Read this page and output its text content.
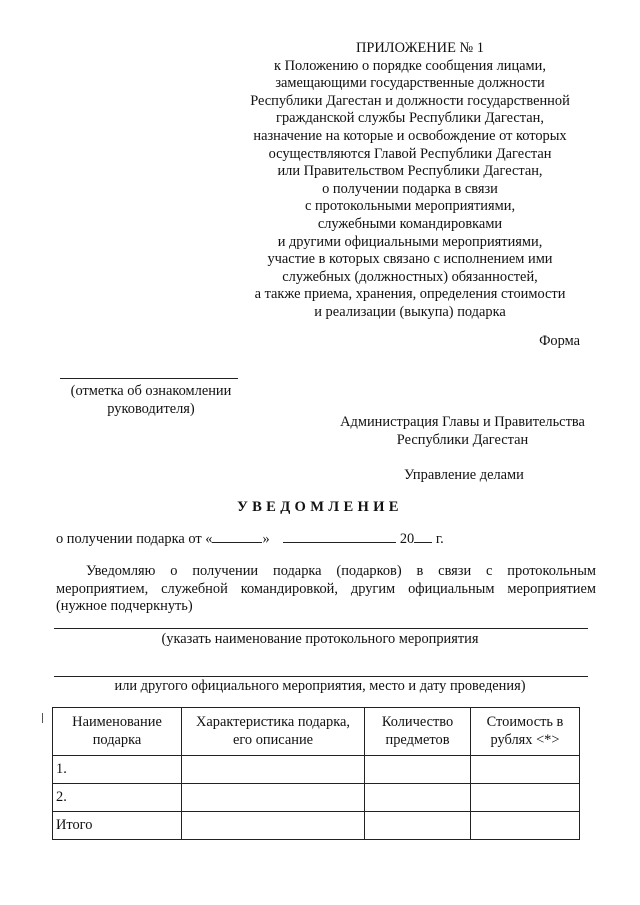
ПРИЛОЖЕНИЕ № 1
к Положению о порядке сообщения лицами,
замещающими государственные должности
Республики Дагестан и должности государственной
гражданской службы Республики Дагестан,
назначение на которые и освобождение от которых
осуществляются Главой Республики Дагестан
или Правительством Республики Дагестан,
о получении подарка в связи
с протокольными мероприятиями,
служебными командировками
и другими официальными мероприятиями,
участие в которых связано с исполнением ими
служебных (должностных) обязанностей,
а также приема, хранения, определения стоимости
и реализации (выкупа) подарка
Форма
(отметка об ознакомлении руководителя)
Администрация Главы и Правительства
Республики Дагестан
Управление делами
УВЕДОМЛЕНИЕ
о получении подарка от «	»	20 г.
Уведомляю о получении подарка (подарков) в связи с протокольным мероприятием, служебной командировкой, другим официальным мероприятием (нужное подчеркнуть)
(указать наименование протокольного мероприятия
или другого официального мероприятия, место и дату проведения)
Наименование подарка	Характеристика подарка, его описание	Количество предметов	Стоимость в рублях <*>
1.			
2.			
Итого			
